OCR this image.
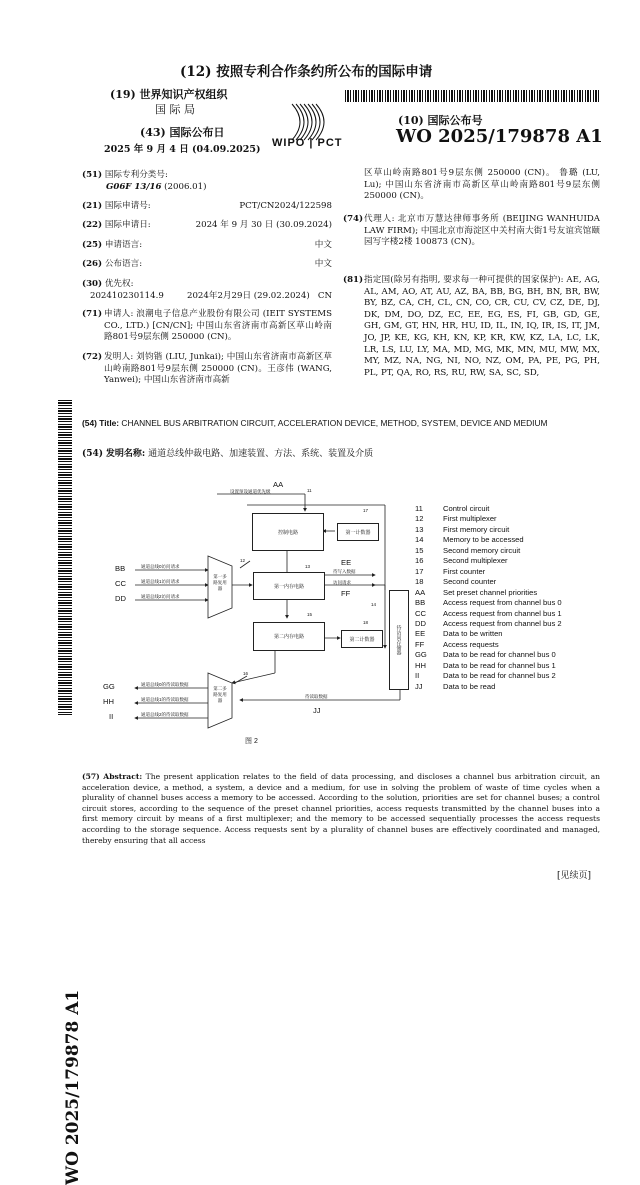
(12) 按照专利合作条约所公布的国际申请
(19) 世界知识产权组织
国 际 局
(43) 国际公布日
2025 年 9 月 4 日 (04.09.2025)
WIPO | PCT
(10) 国际公布号
WO 2025/179878 A1
(51) 国际专利分类号:
G06F 13/16 (2006.01)
(21) 国际申请号:	PCT/CN2024/122598
(22) 国际申请日:	2024 年 9 月 30 日 (30.09.2024)
(25) 申请语言:	中文
(26) 公布语言:	中文
(30) 优先权:
202410230114.9	2024年2月29日 (29.02.2024) CN
(71) 申请人: 浪潮电子信息产业股份有限公司 (IEIT SYSTEMS CO., LTD.) [CN/CN]; 中国山东省济南市高新区草山岭南路801号9层东侧 250000 (CN)。
(72) 发明人: 刘钧锴 (LIU, Junkai); 中国山东省济南市高新区草山岭南路801号9层东侧 250000 (CN)。王彦伟 (WANG, Yanwei); 中国山东省济南市高新
区草山岭南路801号9层东侧 250000 (CN)。 鲁璐 (LU, Lu); 中国山东省济南市高新区草山岭南路801号9层东侧 250000 (CN)。
(74) 代理人: 北京市万慧达律师事务所 (BEIJING WANHUIDA LAW FIRM); 中国北京市海淀区中关村南大街1号友谊宾馆颐园写字楼2楼 100873 (CN)。
(81) 指定国(除另有指明, 要求每一种可提供的国家保护): AE, AG, AL, AM, AO, AT, AU, AZ, BA, BB, BG, BH, BN, BR, BW, BY, BZ, CA, CH, CL, CN, CO, CR, CU, CV, CZ, DE, DJ, DK, DM, DO, DZ, EC, EE, EG, ES, FI, GB, GD, GE, GH, GM, GT, HN, HR, HU, ID, IL, IN, IQ, IR, IS, IT, JM, JO, JP, KE, KG, KH, KN, KP, KR, KW, KZ, LA, LC, LK, LR, LS, LU, LY, MA, MD, MG, MK, MN, MU, MW, MX, MY, MZ, NA, NG, NI, NO, NZ, OM, PA, PE, PG, PH, PL, PT, QA, RO, RS, RU, RW, SA, SC, SD,
(54) Title: CHANNEL BUS ARBITRATION CIRCUIT, ACCELERATION DEVICE, METHOD, SYSTEM, DEVICE AND MEDIUM
(54) 发明名称: 通道总线仲裁电路、加速装置、方法、系统、装置及介质
AA
设置预设通道优先级	11
17
控制电路	第一计数器
BB
CC
DD
通道总线0访问请求
通道总线1访问请求
通道总线2访问请求
第一多路复用器
12
第一内存电路
EE
待写入数据
访问请求
FF
13
14
第二内存电路	第二计数器
15
18
待访问存储器
GG
HH
II
通道总线0的待读取数据
通道总线1的待读取数据
通道总线2的待读取数据
第二多路复用器
16
待读取数据
JJ
图 2
11	Control circuit
12	First multiplexer
13	First memory circuit
14	Memory to be accessed
15	Second memory circuit
16	Second multiplexer
17	First counter
18	Second counter
AA Set preset channel priorities
BB Access request from channel bus 0
CC Access request from channel bus 1
DD Access request from channel bus 2
EE Data to be written
FF Access requests
GG Data to be read for channel bus 0
HH Data to be read for channel bus 1
II	Data to be read for channel bus 2
JJ	Data to be read
(57) Abstract: The present application relates to the field of data processing, and discloses a channel bus arbitration circuit, an acceleration device, a method, a system, a device and a medium, for use in solving the problem of waste of time cycles when a plurality of channel buses access a memory to be accessed. According to the solution, priorities are set for channel buses; a control circuit stores, according to the sequence of the preset channel priorities, access requests transmitted by the channel buses into a first memory circuit by means of a first multiplexer; and the memory to be accessed sequentially processes the access requests according to the storage sequence. Access requests sent by a plurality of channel buses are effectively coordinated and managed, thereby ensuring that all access
WO 2025/179878 A1
[见续页]
